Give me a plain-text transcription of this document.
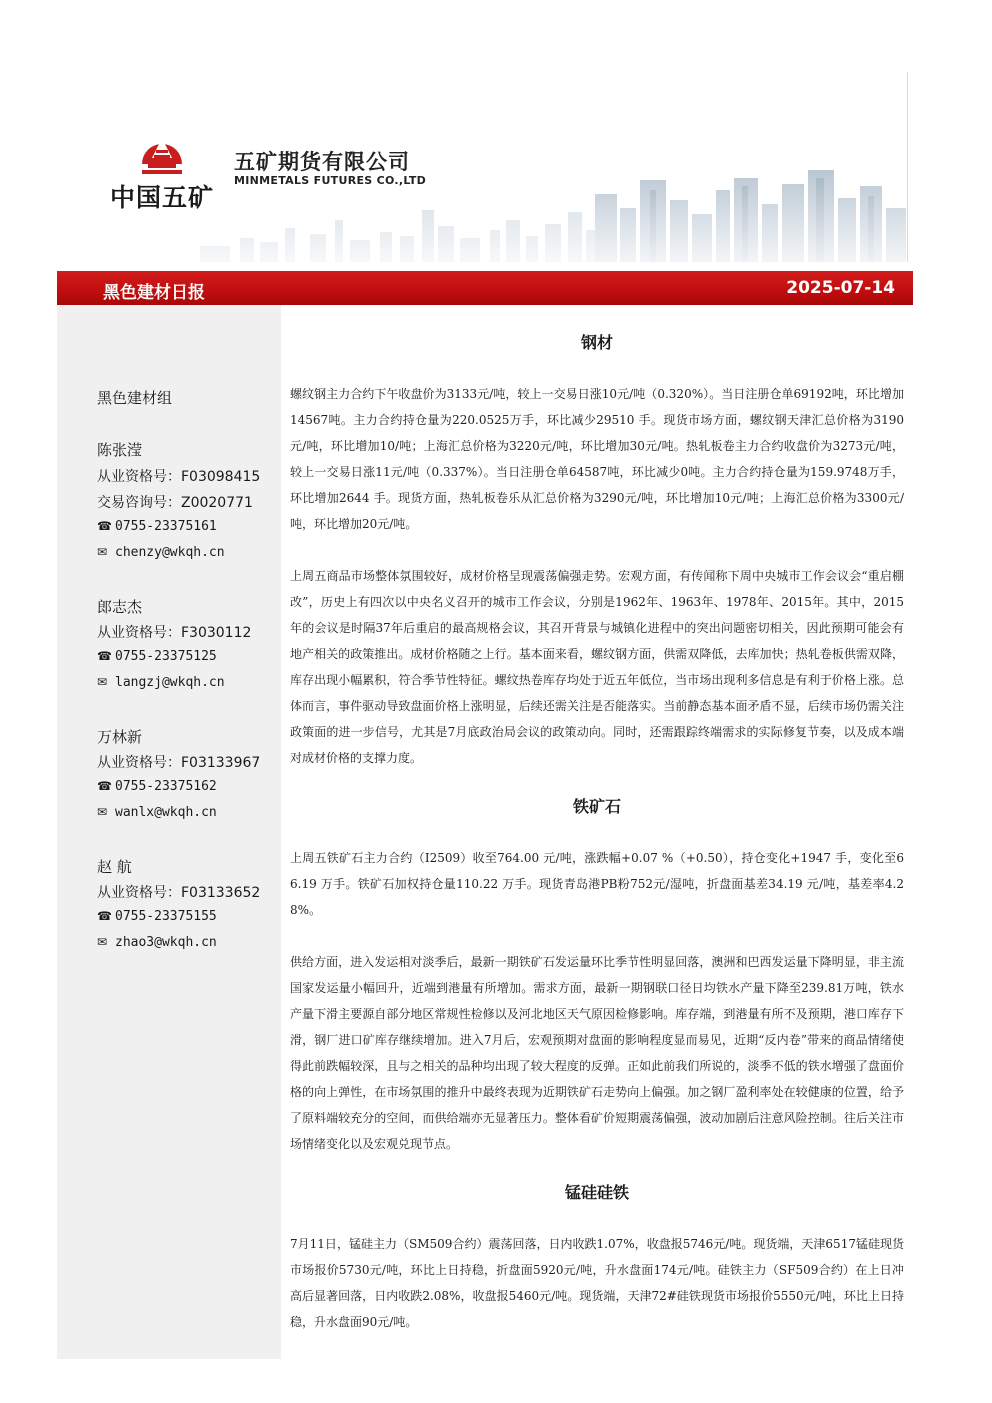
中国五矿
五矿期货有限公司
MINMETALS FUTURES CO.,LTD
黑色建材日报	2025-07-14
黑色建材组
陈张滢
从业资格号：F03098415
交易咨询号：Z0020771
☎ 0755-23375161
✉ chenzy@wkqh.cn
郎志杰
从业资格号：F3030112
☎ 0755-23375125
✉ langzj@wkqh.cn
万林新
从业资格号：F03133967
☎ 0755-23375162
✉ wanlx@wkqh.cn
赵 航
从业资格号：F03133652
☎ 0755-23375155
✉ zhao3@wkqh.cn
钢材

螺纹钢主力合约下午收盘价为3133元/吨，较上一交易日涨10元/吨（0.320%）。当日注册仓单69192吨，环比增加14567吨。主力合约持仓量为220.0525万手，环比减少29510 手。现货市场方面，螺纹钢天津汇总价格为3190元/吨，环比增加10/吨；上海汇总价格为3220元/吨，环比增加30元/吨。热轧板卷主力合约收盘价为3273元/吨，较上一交易日涨11元/吨（0.337%）。当日注册仓单64587吨，环比减少0吨。主力合约持仓量为159.9748万手，环比增加2644 手。现货方面，热轧板卷乐从汇总价格为3290元/吨，环比增加10元/吨；上海汇总价格为3300元/吨，环比增加20元/吨。

上周五商品市场整体氛围较好，成材价格呈现震荡偏强走势。宏观方面，有传闻称下周中央城市工作会议会“重启棚改”，历史上有四次以中央名义召开的城市工作会议，分别是1962年、1963年、1978年、2015年。其中，2015年的会议是时隔37年后重启的最高规格会议，其召开背景与城镇化进程中的突出问题密切相关，因此预期可能会有地产相关的政策推出。成材价格随之上行。基本面来看，螺纹钢方面，供需双降低，去库加快；热轧卷板供需双降，库存出现小幅累积，符合季节性特征。螺纹热卷库存均处于近五年低位，当市场出现利多信息是有利于价格上涨。总体而言，事件驱动导致盘面价格上涨明显，后续还需关注是否能落实。当前静态基本面矛盾不显，后续市场仍需关注政策面的进一步信号，尤其是7月底政治局会议的政策动向。同时，还需跟踪终端需求的实际修复节奏，以及成本端对成材价格的支撑力度。

铁矿石

上周五铁矿石主力合约（I2509）收至764.00 元/吨，涨跌幅+0.07 %（+0.50），持仓变化+1947 手，变化至66.19 万手。铁矿石加权持仓量110.22 万手。现货青岛港PB粉752元/湿吨，折盘面基差34.19 元/吨，基差率4.28%。

供给方面，进入发运相对淡季后，最新一期铁矿石发运量环比季节性明显回落，澳洲和巴西发运量下降明显，非主流国家发运量小幅回升，近端到港量有所增加。需求方面，最新一期钢联口径日均铁水产量下降至239.81万吨，铁水产量下滑主要源自部分地区常规性检修以及河北地区天气原因检修影响。库存端，到港量有所不及预期，港口库存下滑，钢厂进口矿库存继续增加。进入7月后，宏观预期对盘面的影响程度显而易见，近期“反内卷”带来的商品情绪使得此前跌幅较深，且与之相关的品种均出现了较大程度的反弹。正如此前我们所说的，淡季不低的铁水增强了盘面价格的向上弹性，在市场氛围的推升中最终表现为近期铁矿石走势向上偏强。加之钢厂盈利率处在较健康的位置，给予了原料端较充分的空间，而供给端亦无显著压力。整体看矿价短期震荡偏强，波动加剧后注意风险控制。往后关注市场情绪变化以及宏观兑现节点。

锰硅硅铁

7月11日，锰硅主力（SM509合约）震荡回落，日内收跌1.07%，收盘报5746元/吨。现货端，天津6517锰硅现货市场报价5730元/吨，环比上日持稳，折盘面5920元/吨，升水盘面174元/吨。硅铁主力（SF509合约）在上日冲高后显著回落，日内收跌2.08%，收盘报5460元/吨。现货端，天津72#硅铁现货市场报价5550元/吨，环比上日持稳，升水盘面90元/吨。
